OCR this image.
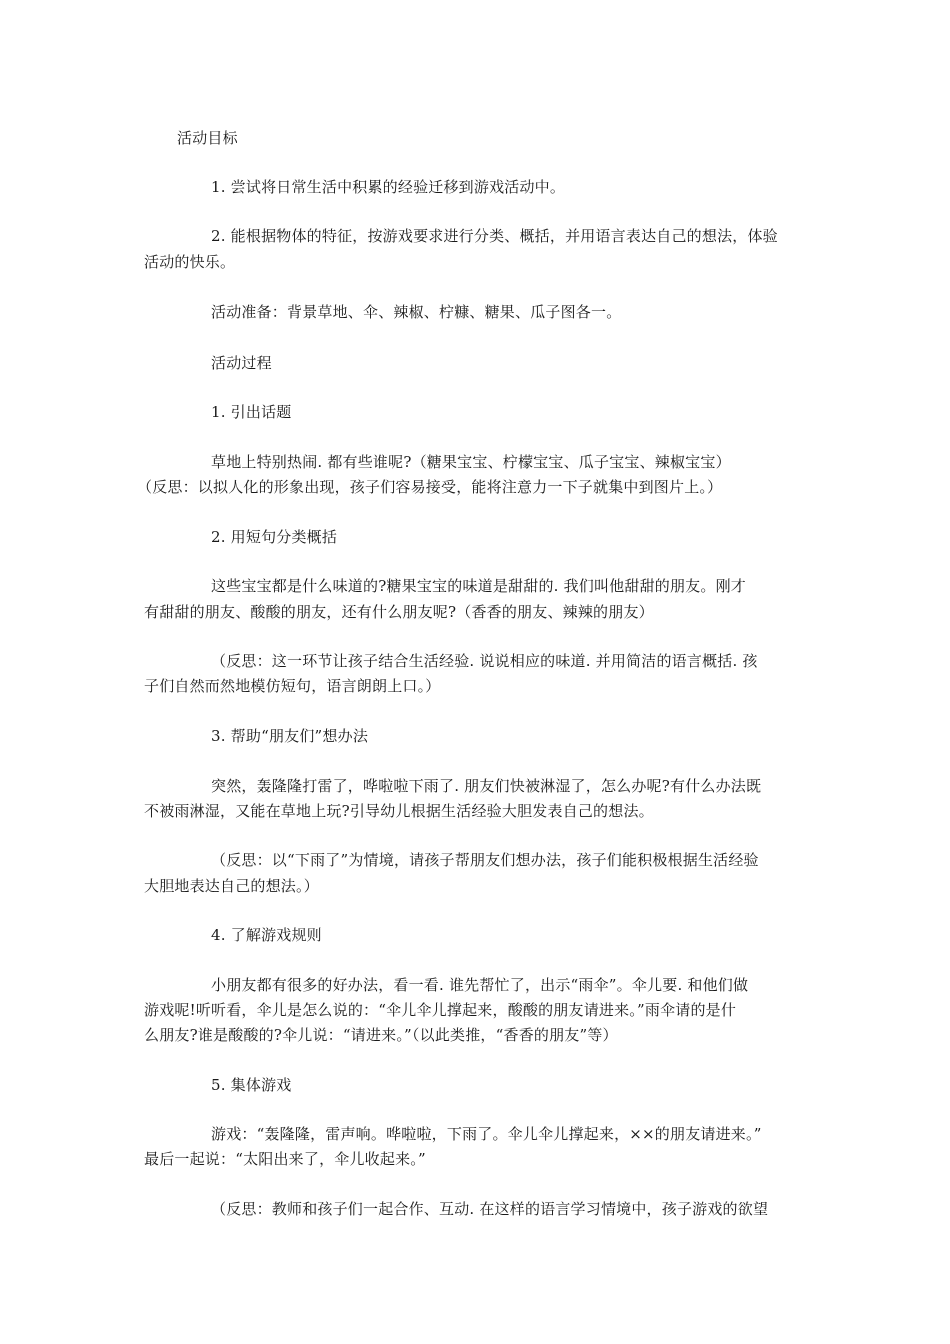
活动目标
1. 尝试将日常生活中积累的经验迁移到游戏活动中。
2. 能根据物体的特征，按游戏要求进行分类、概括，并用语言表达自己的想法，体验
活动的快乐。
活动准备：背景草地、伞、辣椒、柠糠、糖果、瓜子图各一。
活动过程
1. 引出话题
草地上特别热闹. 都有些谁呢?（糖果宝宝、柠檬宝宝、瓜子宝宝、辣椒宝宝）
（反思：以拟人化的形象出现，孩子们容易接受，能将注意力一下子就集中到图片上。）
2. 用短句分类概括
这些宝宝都是什么味道的?糖果宝宝的味道是甜甜的. 我们叫他甜甜的朋友。刚才
有甜甜的朋友、酸酸的朋友，还有什么朋友呢?（香香的朋友、辣辣的朋友）
（反思：这一环节让孩子结合生活经验. 说说相应的味道. 并用简洁的语言概括. 孩
子们自然而然地模仿短句，语言朗朗上口。）
3. 帮助“朋友们”想办法
突然，轰隆隆打雷了，哗啦啦下雨了. 朋友们快被淋湿了，怎么办呢?有什么办法既
不被雨淋湿，又能在草地上玩?引导幼儿根据生活经验大胆发表自己的想法。
（反思：以“下雨了”为情境，请孩子帮朋友们想办法，孩子们能积极根据生活经验
大胆地表达自己的想法。）
4. 了解游戏规则
小朋友都有很多的好办法，看一看. 谁先帮忙了，出示“雨伞”。伞儿要. 和他们做
游戏呢!听听看，伞儿是怎么说的：“伞儿伞儿撑起来，酸酸的朋友请进来。”雨伞请的是什
么朋友?谁是酸酸的?伞儿说：“请进来。”（以此类推，“香香的朋友”等）
5. 集体游戏
游戏：“轰隆隆，雷声响。哗啦啦，下雨了。伞儿伞儿撑起来，××的朋友请进来。”
最后一起说：“太阳出来了，伞儿收起来。”
（反思：教师和孩子们一起合作、互动. 在这样的语言学习情境中，孩子游戏的欲望
